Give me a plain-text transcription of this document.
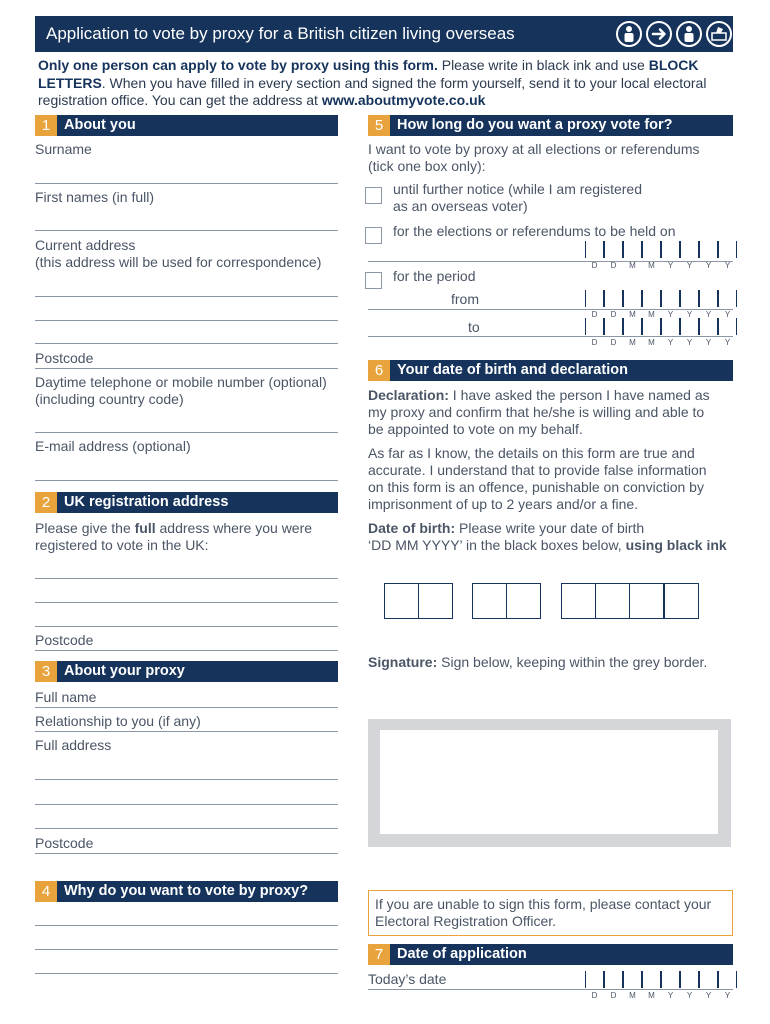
Application to vote by proxy for a British citizen living overseas
Only one person can apply to vote by proxy using this form. Please write in black ink and use BLOCK LETTERS. When you have filled in every section and signed the form yourself, send it to your local electoral registration office. You can get the address at www.aboutmyvote.co.uk
1 About you
Surname
First names (in full)
Current address
(this address will be used for correspondence)
Postcode
Daytime telephone or mobile number (optional)
(including country code)
E-mail address (optional)
2 UK registration address
Please give the full address where you were
registered to vote in the UK:
Postcode
3 About your proxy
Full name
Relationship to you (if any)
Full address
Postcode
4 Why do you want to vote by proxy?
5 How long do you want a proxy vote for?
I want to vote by proxy at all elections or referendums
(tick one box only):
until further notice (while I am registered
as an overseas voter)
for the elections or referendums to be held on
D	D	M	M	Y	Y	Y	Y
for the period
from
D	D	M	M	Y	Y	Y	Y
to
D	D	M	M	Y	Y	Y	Y
6 Your date of birth and declaration
Declaration: I have asked the person I have named as
my proxy and confirm that he/she is willing and able to
be appointed to vote on my behalf.
As far as I know, the details on this form are true and
accurate. I understand that to provide false information
on this form is an offence, punishable on conviction by
imprisonment of up to 2 years and/or a fine.
Date of birth: Please write your date of birth
‘DD MM YYYY’ in the black boxes below, using black ink
Signature: Sign below, keeping within the grey border.
If you are unable to sign this form, please contact your Electoral Registration Officer.
7 Date of application
Today’s date
D	D	M	M	Y	Y	Y	Y
